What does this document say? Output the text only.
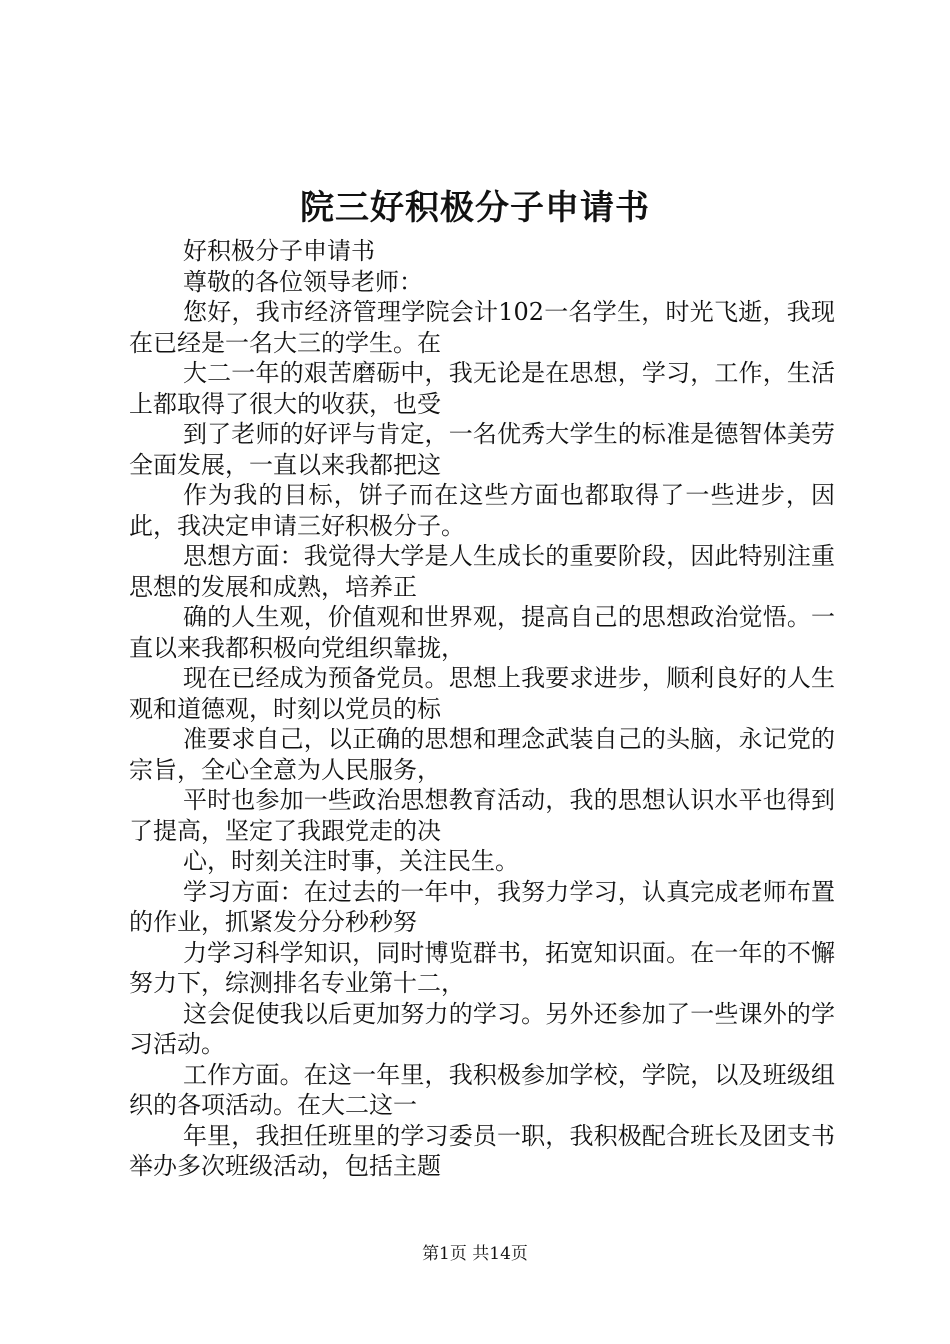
院三好积极分子申请书

好积极分子申请书

尊敬的各位领导老师：

您好，我市经济管理学院会计102一名学生，时光飞逝，我现在已经是一名大三的学生。在

大二一年的艰苦磨砺中，我无论是在思想，学习，工作，生活上都取得了很大的收获，也受

到了老师的好评与肯定，一名优秀大学生的标准是德智体美劳全面发展，一直以来我都把这

作为我的目标，饼子而在这些方面也都取得了一些进步，因此，我决定申请三好积极分子。

思想方面：我觉得大学是人生成长的重要阶段，因此特别注重思想的发展和成熟，培养正

确的人生观，价值观和世界观，提高自己的思想政治觉悟。一直以来我都积极向党组织靠拢，

现在已经成为预备党员。思想上我要求进步，顺利良好的人生观和道德观，时刻以党员的标

准要求自己，以正确的思想和理念武装自己的头脑，永记党的宗旨，全心全意为人民服务，

平时也参加一些政治思想教育活动，我的思想认识水平也得到了提高，坚定了我跟党走的决

心，时刻关注时事，关注民生。

学习方面：在过去的一年中，我努力学习，认真完成老师布置的作业，抓紧发分分秒秒努

力学习科学知识，同时博览群书，拓宽知识面。在一年的不懈努力下，综测排名专业第十二，

这会促使我以后更加努力的学习。另外还参加了一些课外的学习活动。

工作方面。在这一年里，我积极参加学校，学院，以及班级组织的各项活动。在大二这一

年里，我担任班里的学习委员一职，我积极配合班长及团支书举办多次班级活动，包括主题

第1页 共14页
